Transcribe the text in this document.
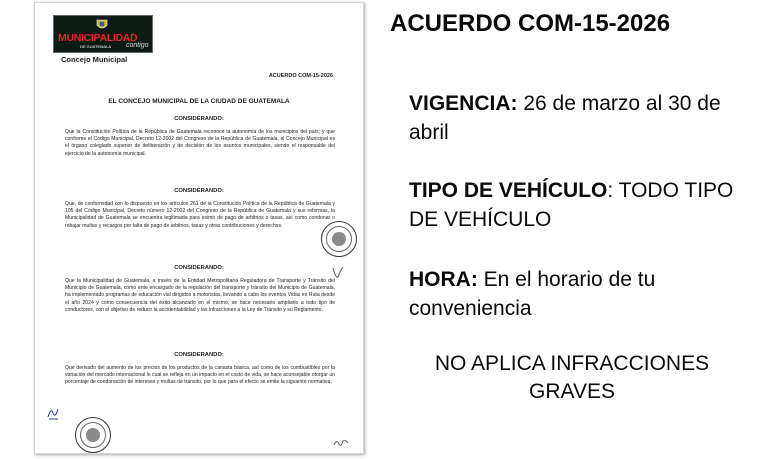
MUNICIPALIDAD
DE GUATEMALA contigo
Concejo Municipal
ACUERDO COM-15-2026
EL CONCEJO MUNICIPAL DE LA CIUDAD DE GUATEMALA
CONSIDERANDO:
Que la Constitución Política de la República de Guatemala reconoce la autonomía de los municipios del país; y que conforme el Código Municipal, Decreto 12-2002 del Congreso de la República de Guatemala, el Concejo Municipal es el órgano colegiado superior de deliberación y de decisión de los asuntos municipales, siendo el responsable del ejercicio de la autonomía municipal.
CONSIDERANDO:
Que, de conformidad con lo dispuesto en los artículos 261 de la Constitución Política de la República de Guatemala y 105 del Código Municipal, Decreto número 12-2002 del Congreso de la República de Guatemala y sus reformas, la Municipalidad de Guatemala se encuentra legitimada para eximir de pago de arbitrios o tasas, así como condonar o rebajar multas y recargos por falta de pago de arbitrios, tasas y otras contribuciones y derechos.
CONSIDERANDO:
Que la Municipalidad de Guatemala, a través de la Entidad Metropolitana Reguladora de Transporte y Tránsito del Municipio de Guatemala, como ente encargado de la regulación del transporte y tránsito del Municipio de Guatemala, ha implementado programas de educación vial dirigidos a motoristas, llevando a cabo los eventos Vidas en Ruta desde el año 2024 y como consecuencia del éxito alcanzado en el mismo, se hace necesario ampliarlo a todo tipo de conductores, con el objetivo de reducir la accidentabilidad y las infracciones a la Ley de Tránsito y su Reglamento.
CONSIDERANDO:
Que derivado del aumento de los precios de los productos de la canasta básica, así como de los combustibles por la variación del mercado internacional lo cual se refleja en un impacto en el costo de vida, se hace aconsejable otorgar un porcentaje de condonación de intereses y multas de tránsito, por lo que para el efecto se emite la siguiente normativa.
ACUERDO COM-15-2026
VIGENCIA: 26 de marzo al 30 de abril
TIPO DE VEHÍCULO: TODO TIPO DE VEHÍCULO
HORA: En el horario de tu conveniencia
NO APLICA INFRACCIONES GRAVES
